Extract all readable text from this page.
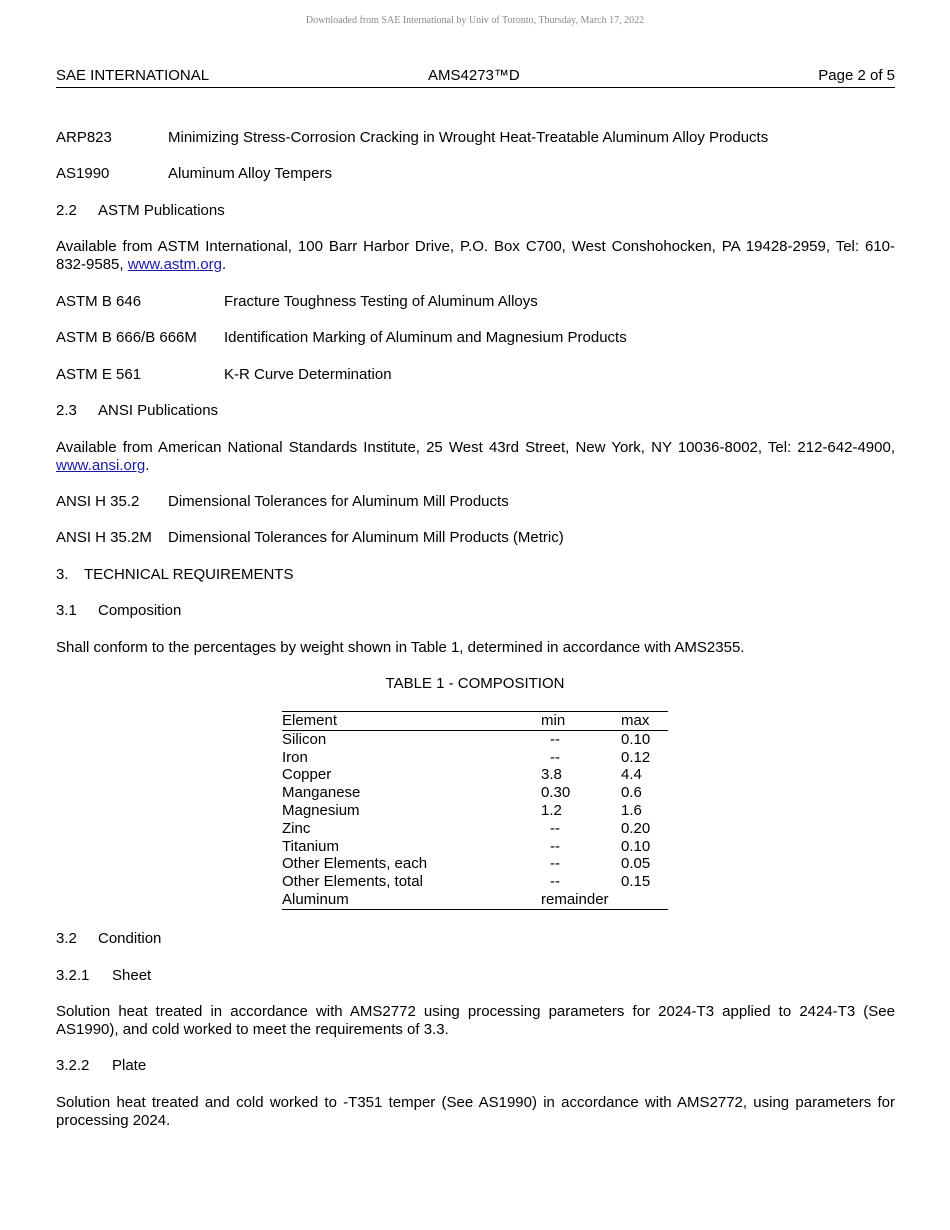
Downloaded from SAE International by Univ of Toronto, Thursday, March 17, 2022
SAE INTERNATIONAL	AMS4273™D	Page 2 of 5
ARP823	Minimizing Stress-Corrosion Cracking in Wrought Heat-Treatable Aluminum Alloy Products
AS1990	Aluminum Alloy Tempers
2.2 ASTM Publications
Available from ASTM International, 100 Barr Harbor Drive, P.O. Box C700, West Conshohocken, PA 19428-2959, Tel: 610-832-9585, www.astm.org.
ASTM B 646	Fracture Toughness Testing of Aluminum Alloys
ASTM B 666/B 666M Identification Marking of Aluminum and Magnesium Products
ASTM E 561	K-R Curve Determination
2.3 ANSI Publications
Available from American National Standards Institute, 25 West 43rd Street, New York, NY 10036-8002, Tel: 212-642-4900, www.ansi.org.
ANSI H 35.2 Dimensional Tolerances for Aluminum Mill Products
ANSI H 35.2M Dimensional Tolerances for Aluminum Mill Products (Metric)
3. TECHNICAL REQUIREMENTS
3.1 Composition
Shall conform to the percentages by weight shown in Table 1, determined in accordance with AMS2355.
TABLE 1 - COMPOSITION
Element	min	max
Silicon	--	0.10
Iron	--	0.12
Copper	3.8	4.4
Manganese	0.30	0.6
Magnesium	1.2	1.6
Zinc	--	0.20
Titanium	--	0.10
Other Elements, each	--	0.05
Other Elements, total	--	0.15
Aluminum	remainder	
3.2 Condition
3.2.1 Sheet
Solution heat treated in accordance with AMS2772 using processing parameters for 2024-T3 applied to 2424-T3 (See AS1990), and cold worked to meet the requirements of 3.3.
3.2.2 Plate
Solution heat treated and cold worked to -T351 temper (See AS1990) in accordance with AMS2772, using parameters for processing 2024.
